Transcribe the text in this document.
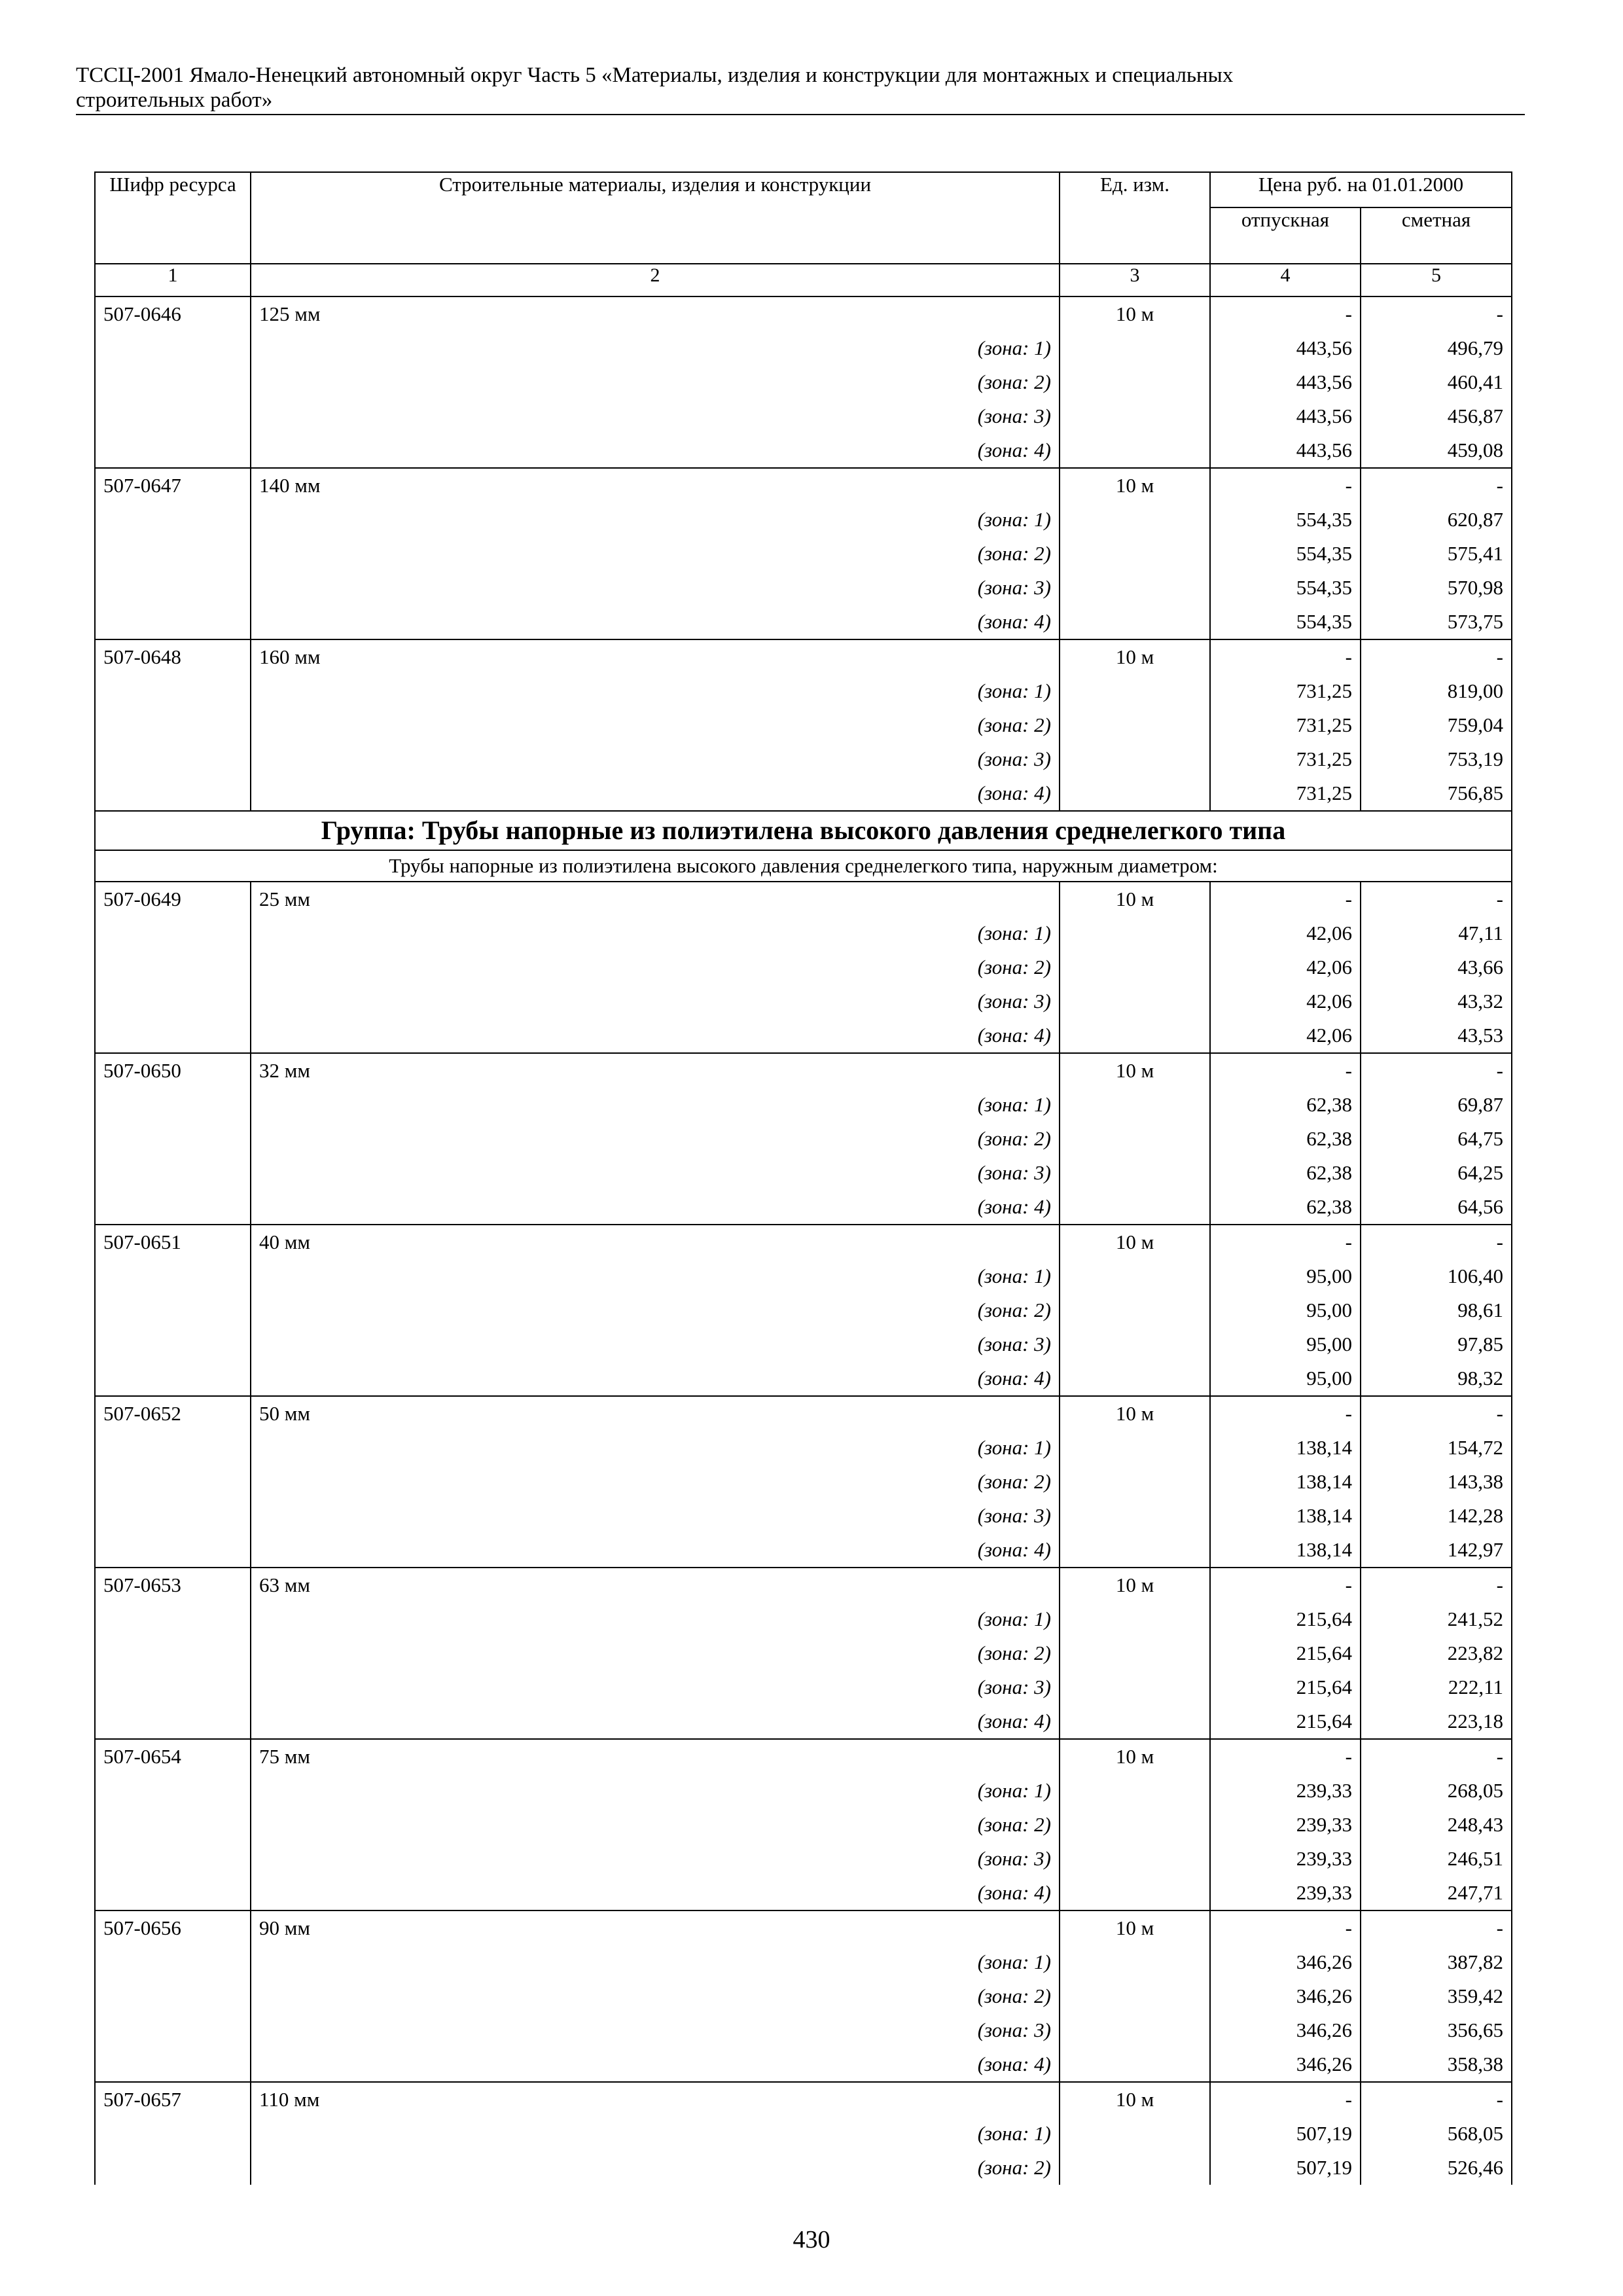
ТССЦ-2001 Ямало-Ненецкий автономный округ Часть 5 «Материалы, изделия и конструкции для монтажных и специальных
строительных работ»
Шифр ресурса	Строительные материалы, изделия и конструкции	Ед. изм.	Цена руб. на 01.01.2000	
			отпускная	сметная
1	2	3	4	5
507-0646	125 мм	10 м	-	-
	(зона: 1)		443,56	496,79
	(зона: 2)		443,56	460,41
	(зона: 3)		443,56	456,87
	(зона: 4)		443,56	459,08
507-0647	140 мм	10 м	-	-
	(зона: 1)		554,35	620,87
	(зона: 2)		554,35	575,41
	(зона: 3)		554,35	570,98
	(зона: 4)		554,35	573,75
507-0648	160 мм	10 м	-	-
	(зона: 1)		731,25	819,00
	(зона: 2)		731,25	759,04
	(зона: 3)		731,25	753,19
	(зона: 4)		731,25	756,85
Группа: Трубы напорные из полиэтилена высокого давления среднелегкого типа				
Трубы напорные из полиэтилена высокого давления среднелегкого типа, наружным диаметром:				
507-0649	25 мм	10 м	-	-
	(зона: 1)		42,06	47,11
	(зона: 2)		42,06	43,66
	(зона: 3)		42,06	43,32
	(зона: 4)		42,06	43,53
507-0650	32 мм	10 м	-	-
	(зона: 1)		62,38	69,87
	(зона: 2)		62,38	64,75
	(зона: 3)		62,38	64,25
	(зона: 4)		62,38	64,56
507-0651	40 мм	10 м	-	-
	(зона: 1)		95,00	106,40
	(зона: 2)		95,00	98,61
	(зона: 3)		95,00	97,85
	(зона: 4)		95,00	98,32
507-0652	50 мм	10 м	-	-
	(зона: 1)		138,14	154,72
	(зона: 2)		138,14	143,38
	(зона: 3)		138,14	142,28
	(зона: 4)		138,14	142,97
507-0653	63 мм	10 м	-	-
	(зона: 1)		215,64	241,52
	(зона: 2)		215,64	223,82
	(зона: 3)		215,64	222,11
	(зона: 4)		215,64	223,18
507-0654	75 мм	10 м	-	-
	(зона: 1)		239,33	268,05
	(зона: 2)		239,33	248,43
	(зона: 3)		239,33	246,51
	(зона: 4)		239,33	247,71
507-0656	90 мм	10 м	-	-
	(зона: 1)		346,26	387,82
	(зона: 2)		346,26	359,42
	(зона: 3)		346,26	356,65
	(зона: 4)		346,26	358,38
507-0657	110 мм	10 м	-	-
	(зона: 1)		507,19	568,05
	(зона: 2)		507,19	526,46
430
